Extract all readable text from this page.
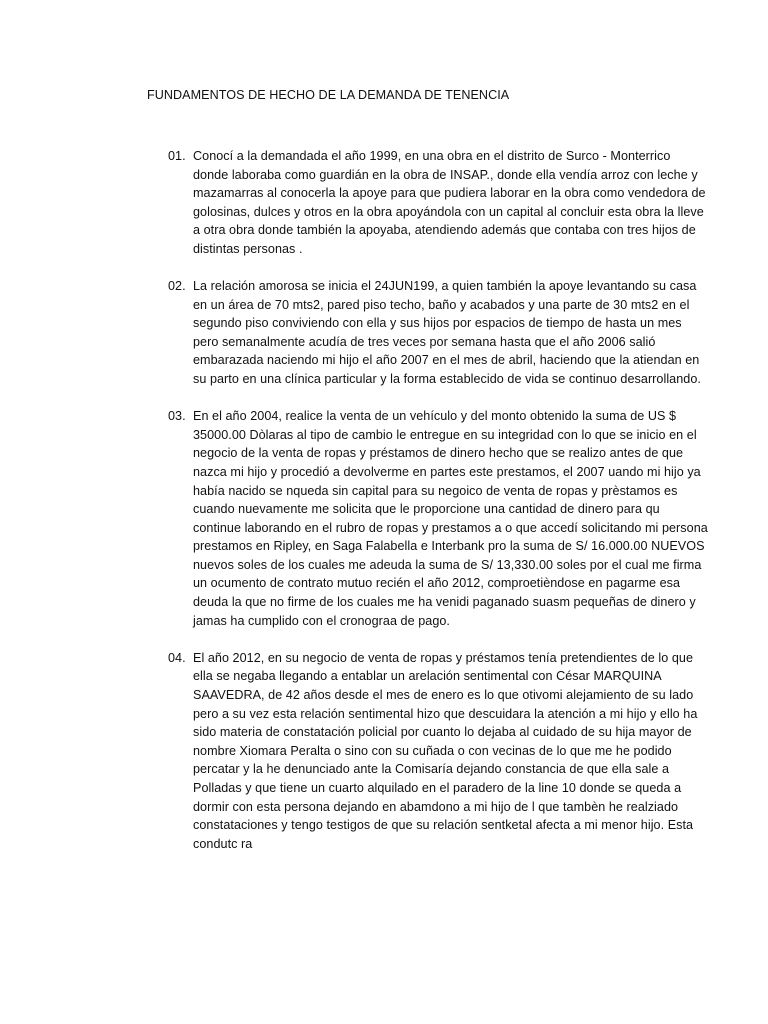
FUNDAMENTOS DE HECHO DE LA DEMANDA DE TENENCIA
01. Conocí a la demandada el año 1999, en una obra en el distrito de Surco - Monterrico donde laboraba como guardián en la obra de INSAP., donde ella vendía arroz con leche y mazamarras al conocerla la apoye para que pudiera laborar en la obra como vendedora de golosinas, dulces y otros en la obra apoyándola con un capital al concluir esta obra la lleve a otra obra donde también la apoyaba, atendiendo además que contaba con tres hijos de distintas personas .
02. La relación amorosa se inicia el 24JUN199, a quien también la apoye levantando su casa en un área de 70 mts2, pared piso techo, baño y acabados y una parte de 30 mts2 en el segundo piso conviviendo con ella y sus hijos por espacios de tiempo de hasta un mes pero semanalmente acudía de tres veces por semana hasta que el año 2006 salió embarazada naciendo mi hijo el año 2007 en el mes de abril, haciendo que la atiendan en su parto en una clínica particular y la forma establecido de vida se continuo desarrollando.
03. En el año 2004, realice la venta de un vehículo y del monto obtenido la suma de US $ 35000.00 Dòlaras al tipo de cambio le entregue en su integridad con lo que se inicio en el negocio de la venta de ropas y préstamos de dinero hecho que se realizo antes de que nazca mi hijo y procedió a devolverme en partes este prestamos, el 2007 uando mi hijo ya había nacido se nqueda sin capital para su negoico de venta de ropas y prèstamos es cuando nuevamente me solicita que le proporcione una cantidad de dinero para qu continue laborando en el rubro de ropas y prestamos a o que accedí solicitando mi persona prestamos en Ripley, en Saga Falabella e Interbank pro la suma de S/ 16.000.00 NUEVOS nuevos soles de los cuales me adeuda la suma de S/ 13,330.00 soles por el cual me firma un ocumento de contrato mutuo recién el año 2012, comproetièndose en pagarme esa deuda la que no firme de los cuales me ha venidi paganado suasm pequeñas de dinero y jamas ha cumplido con el cronograa de pago.
04. El año 2012, en su negocio de venta de ropas y préstamos tenía pretendientes de lo que ella se negaba llegando a entablar un arelación sentimental con César MARQUINA SAAVEDRA, de 42 años desde el mes de enero es lo que otivomi alejamiento de su lado pero a su vez esta relación sentimental hizo que descuidara la atención a mi hijo y ello ha sido materia de constatación policial por cuanto lo dejaba al cuidado de su hija mayor de nombre Xiomara Peralta o sino con su cuñada o con vecinas de lo que me he podido percatar y la he denunciado ante la Comisaría dejando constancia de que ella sale a Polladas y que tiene un cuarto alquilado en el paradero de la line 10 donde se queda a dormir con esta persona dejando en abamdono a mi hijo de l que tambèn he realziado constataciones y tengo testigos de que su relación sentketal afecta a mi menor hijo. Esta condutc ra
